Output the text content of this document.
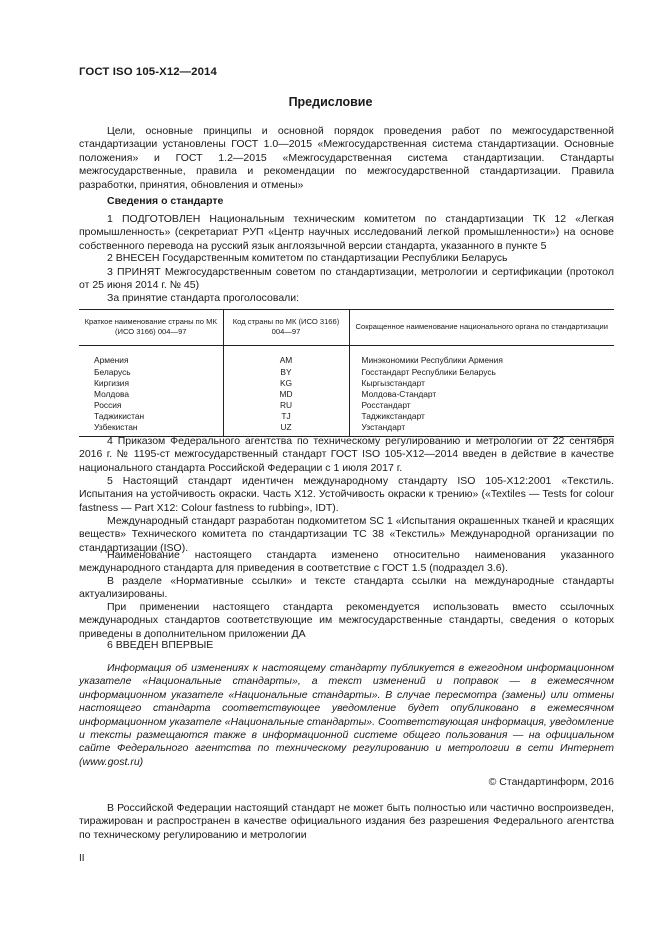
ГОСТ ISO 105-X12—2014
Предисловие
Цели, основные принципы и основной порядок проведения работ по межгосударственной стандартизации установлены ГОСТ 1.0—2015 «Межгосударственная система стандартизации. Основные положения» и ГОСТ 1.2—2015 «Межгосударственная система стандартизации. Стандарты межгосударственные, правила и рекомендации по межгосударственной стандартизации. Правила разработки, принятия, обновления и отмены»
Сведения о стандарте
1 ПОДГОТОВЛЕН Национальным техническим комитетом по стандартизации ТК 12 «Легкая промышленность» (секретариат РУП «Центр научных исследований легкой промышленности») на основе собственного перевода на русский язык англоязычной версии стандарта, указанного в пункте 5
2 ВНЕСЕН Государственным комитетом по стандартизации Республики Беларусь
3 ПРИНЯТ Межгосударственным советом по стандартизации, метрологии и сертификации (протокол от 25 июня 2014 г. № 45)
За принятие стандарта проголосовали:
Краткое наименование страны по МК (ИСО 3166) 004—97	Код страны по МК (ИСО 3166) 004—97	Сокращенное наименование национального органа по стандартизации
Армения	AM	Минэкономики Республики Армения
Беларусь	BY	Госстандарт Республики Беларусь
Киргизия	KG	Кыргызстандарт
Молдова	MD	Молдова-Стандарт
Россия	RU	Росстандарт
Таджикистан	TJ	Таджикстандарт
Узбекистан	UZ	Узстандарт
4 Приказом Федерального агентства по техническому регулированию и метрологии от 22 сентября 2016 г. № 1195-ст межгосударственный стандарт ГОСТ ISO 105-X12—2014 введен в действие в качестве национального стандарта Российской Федерации с 1 июля 2017 г.
5 Настоящий стандарт идентичен международному стандарту ISO 105-X12:2001 «Текстиль. Испытания на устойчивость окраски. Часть X12. Устойчивость окраски к трению» («Textiles — Tests for colour fastness — Part X12: Colour fastness to rubbing», IDT).
Международный стандарт разработан подкомитетом SC 1 «Испытания окрашенных тканей и красящих веществ» Технического комитета по стандартизации TC 38 «Текстиль» Международной организации по стандартизации (ISO).
Наименование настоящего стандарта изменено относительно наименования указанного международного стандарта для приведения в соответствие с ГОСТ 1.5 (подраздел 3.6).
В разделе «Нормативные ссылки» и тексте стандарта ссылки на международные стандарты актуализированы.
При применении настоящего стандарта рекомендуется использовать вместо ссылочных международных стандартов соответствующие им межгосударственные стандарты, сведения о которых приведены в дополнительном приложении ДА
6 ВВЕДЕН ВПЕРВЫЕ
Информация об изменениях к настоящему стандарту публикуется в ежегодном информационном указателе «Национальные стандарты», а текст изменений и поправок — в ежемесячном информационном указателе «Национальные стандарты». В случае пересмотра (замены) или отмены настоящего стандарта соответствующее уведомление будет опубликовано в ежемесячном информационном указателе «Национальные стандарты». Соответствующая информация, уведомление и тексты размещаются также в информационной системе общего пользования — на официальном сайте Федерального агентства по техническому регулированию и метрологии в сети Интернет (www.gost.ru)
© Стандартинформ, 2016
В Российской Федерации настоящий стандарт не может быть полностью или частично воспроизведен, тиражирован и распространен в качестве официального издания без разрешения Федерального агентства по техническому регулированию и метрологии
II
